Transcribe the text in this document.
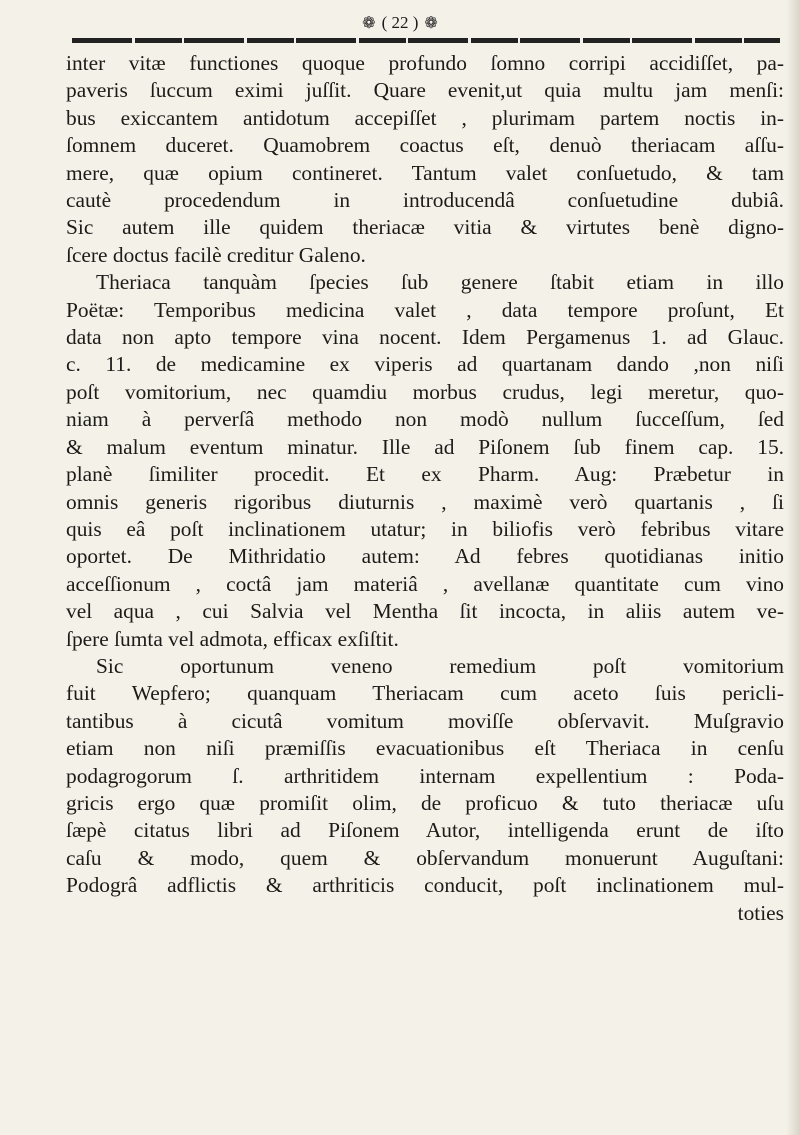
❁ ( 22 ) ❁
inter vitæ functiones quoque profundo ſomno corripi accidiſſet, pa-
paveris ſuccum eximi juſſit. Quare evenit,ut quia multu jam menſi:
bus exiccantem antidotum accepiſſet , plurimam partem noctis in-
ſomnem duceret. Quamobrem coactus eſt, denuò theriacam aſſu-
mere, quæ opium contineret. Tantum valet conſuetudo, & tam
cautè procedendum in introducendâ conſuetudine dubiâ.
Sic autem ille quidem theriacæ vitia & virtutes benè digno-
ſcere doctus facilè creditur Galeno.
Theriaca tanquàm ſpecies ſub genere ſtabit etiam in illo
Poëtæ: Temporibus medicina valet , data tempore proſunt, Et
data non apto tempore vina nocent. Idem Pergamenus 1. ad Glauc.
c. 11. de medicamine ex viperis ad quartanam dando ,non niſi
poſt vomitorium, nec quamdiu morbus crudus, legi meretur, quo-
niam à perverſâ methodo non modò nullum ſucceſſum, ſed
& malum eventum minatur. Ille ad Piſonem ſub finem cap. 15.
planè ſimiliter procedit. Et ex Pharm. Aug: Præbetur in
omnis generis rigoribus diuturnis , maximè verò quartanis , ſi
quis eâ poſt inclinationem utatur; in biliofis verò febribus vitare
oportet. De Mithridatio autem: Ad febres quotidianas initio
acceſſionum , coctâ jam materiâ , avellanæ quantitate cum vino
vel aqua , cui Salvia vel Mentha ſit incocta, in aliis autem ve-
ſpere ſumta vel admota, efficax exſiſtit.
Sic oportunum veneno remedium poſt vomitorium
fuit Wepfero; quanquam Theriacam cum aceto ſuis pericli-
tantibus à cicutâ vomitum moviſſe obſervavit. Muſgravio
etiam non niſi præmiſſis evacuationibus eſt Theriaca in cenſu
podagrogorum ſ. arthritidem internam expellentium : Poda-
gricis ergo quæ promiſit olim, de proficuo & tuto theriacæ uſu
ſæpè citatus libri ad Piſonem Autor, intelligenda erunt de iſto
caſu & modo, quem & obſervandum monuerunt Auguſtani:
Podogrâ adflictis & arthriticis conducit, poſt inclinationem mul-
toties
